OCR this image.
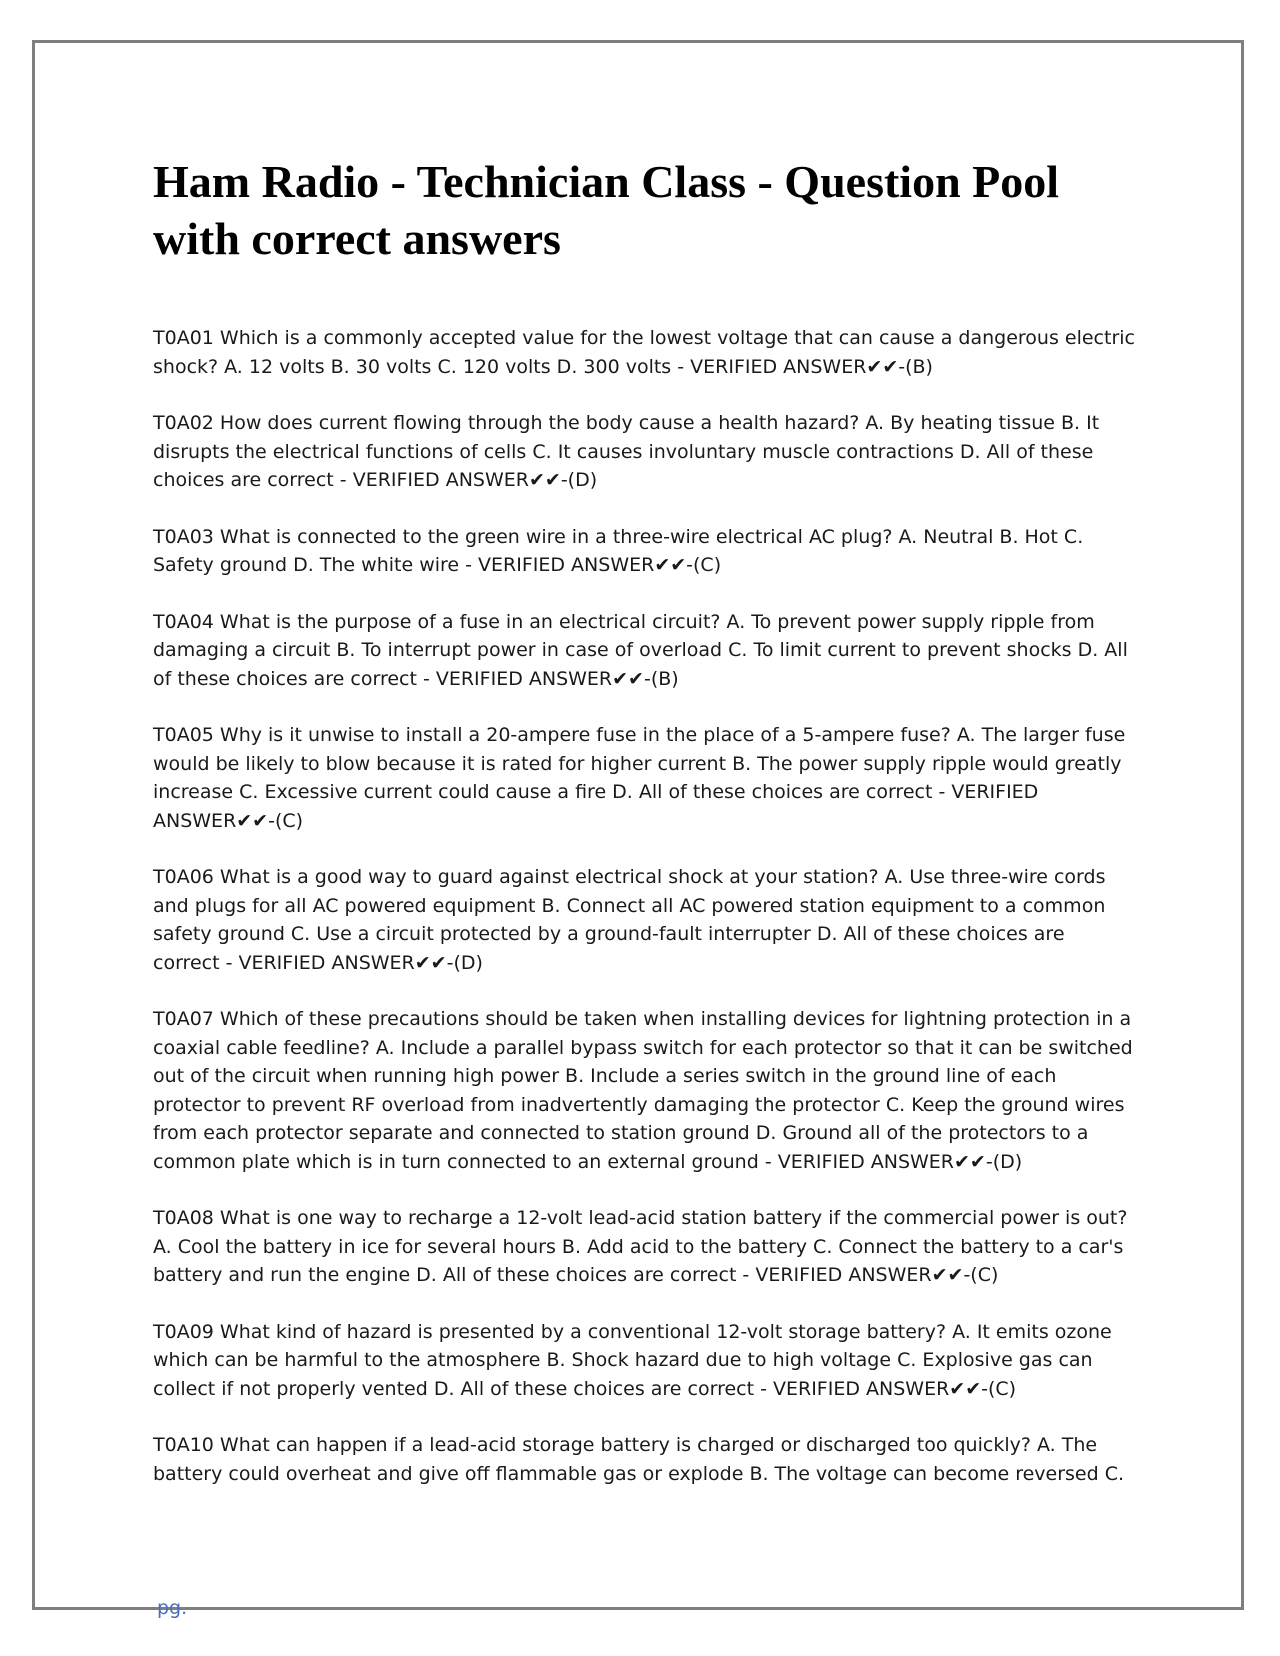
Ham Radio - Technician Class - Question Pool with correct answers

T0A01 Which is a commonly accepted value for the lowest voltage that can cause a dangerous electric shock? A. 12 volts B. 30 volts C. 120 volts D. 300 volts - VERIFIED ANSWER✔✔-(B)

T0A02 How does current flowing through the body cause a health hazard? A. By heating tissue B. It disrupts the electrical functions of cells C. It causes involuntary muscle contractions D. All of these choices are correct - VERIFIED ANSWER✔✔-(D)

T0A03 What is connected to the green wire in a three-wire electrical AC plug? A. Neutral B. Hot C. Safety ground D. The white wire - VERIFIED ANSWER✔✔-(C)

T0A04 What is the purpose of a fuse in an electrical circuit? A. To prevent power supply ripple from damaging a circuit B. To interrupt power in case of overload C. To limit current to prevent shocks D. All of these choices are correct - VERIFIED ANSWER✔✔-(B)

T0A05 Why is it unwise to install a 20-ampere fuse in the place of a 5-ampere fuse? A. The larger fuse would be likely to blow because it is rated for higher current B. The power supply ripple would greatly increase C. Excessive current could cause a fire D. All of these choices are correct - VERIFIED ANSWER✔✔-(C)

T0A06 What is a good way to guard against electrical shock at your station? A. Use three-wire cords and plugs for all AC powered equipment B. Connect all AC powered station equipment to a common safety ground C. Use a circuit protected by a ground-fault interrupter D. All of these choices are correct - VERIFIED ANSWER✔✔-(D)

T0A07 Which of these precautions should be taken when installing devices for lightning protection in a coaxial cable feedline? A. Include a parallel bypass switch for each protector so that it can be switched out of the circuit when running high power B. Include a series switch in the ground line of each protector to prevent RF overload from inadvertently damaging the protector C. Keep the ground wires from each protector separate and connected to station ground D. Ground all of the protectors to a common plate which is in turn connected to an external ground - VERIFIED ANSWER✔✔-(D)

T0A08 What is one way to recharge a 12-volt lead-acid station battery if the commercial power is out? A. Cool the battery in ice for several hours B. Add acid to the battery C. Connect the battery to a car's battery and run the engine D. All of these choices are correct - VERIFIED ANSWER✔✔-(C)

T0A09 What kind of hazard is presented by a conventional 12-volt storage battery? A. It emits ozone which can be harmful to the atmosphere B. Shock hazard due to high voltage C. Explosive gas can collect if not properly vented D. All of these choices are correct - VERIFIED ANSWER✔✔-(C)

T0A10 What can happen if a lead-acid storage battery is charged or discharged too quickly? A. The battery could overheat and give off flammable gas or explode B. The voltage can become reversed C.

pg.
